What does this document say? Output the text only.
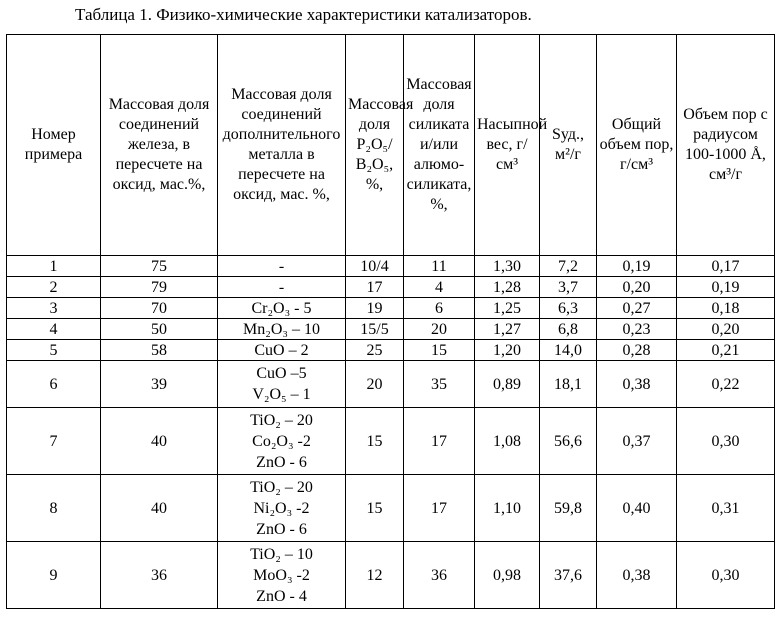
Таблица 1. Физико-химические характеристики катализаторов.
Номер примера	Массовая доля соединений железа, в пересчете на оксид, мас.%,	Массовая доля соединений дополнительного металла в пересчете на оксид, мас. %,	Массовая доля P₂O₅/ B₂O₅, %,	Массовая доля силиката и/или алюмо-силиката, %,	Насыпной вес, г/см³	Sуд., м²/г	Общий объем пор, г/см³	Объем пор с радиусом 100-1000 Å, см³/г
1	75	-	10/4	11	1,30	7,2	0,19	0,17
2	79	-	17	4	1,28	3,7	0,20	0,19
3	70	Cr₂O₃ - 5	19	6	1,25	6,3	0,27	0,18
4	50	Mn₂O₃ – 10	15/5	20	1,27	6,8	0,23	0,20
5	58	CuO – 2	25	15	1,20	14,0	0,28	0,21
6	39	CuO –5
V₂O₅ – 1	20	35	0,89	18,1	0,38	0,22
7	40	TiO₂ – 20
Co₂O₃ -2
ZnO - 6	15	17	1,08	56,6	0,37	0,30
8	40	TiO₂ – 20
Ni₂O₃ -2
ZnO - 6	15	17	1,10	59,8	0,40	0,31
9	36	TiO₂ – 10
MoO₃ -2
ZnO - 4	12	36	0,98	37,6	0,38	0,30
